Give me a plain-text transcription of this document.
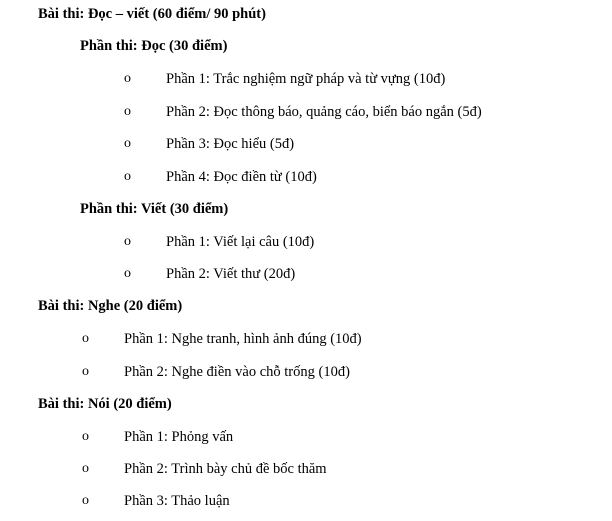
Bài thi: Đọc – viết (60 điểm/ 90 phút)
Phần thi: Đọc (30 điểm)
o Phần 1: Trắc nghiệm ngữ pháp và từ vựng (10đ)
o Phần 2: Đọc thông báo, quảng cáo, biển báo ngắn (5đ)
o Phần 3: Đọc hiểu (5đ)
o Phần 4: Đọc điền từ (10đ)
Phần thi: Viết (30 điểm)
o Phần 1: Viết lại câu (10đ)
o Phần 2: Viết thư (20đ)
Bài thi: Nghe (20 điểm)
o Phần 1: Nghe tranh, hình ảnh đúng (10đ)
o Phần 2: Nghe điền vào chỗ trống (10đ)
Bài thi: Nói (20 điểm)
o Phần 1: Phỏng vấn
o Phần 2: Trình bày chủ đề bốc thăm
o Phần 3: Thảo luận
